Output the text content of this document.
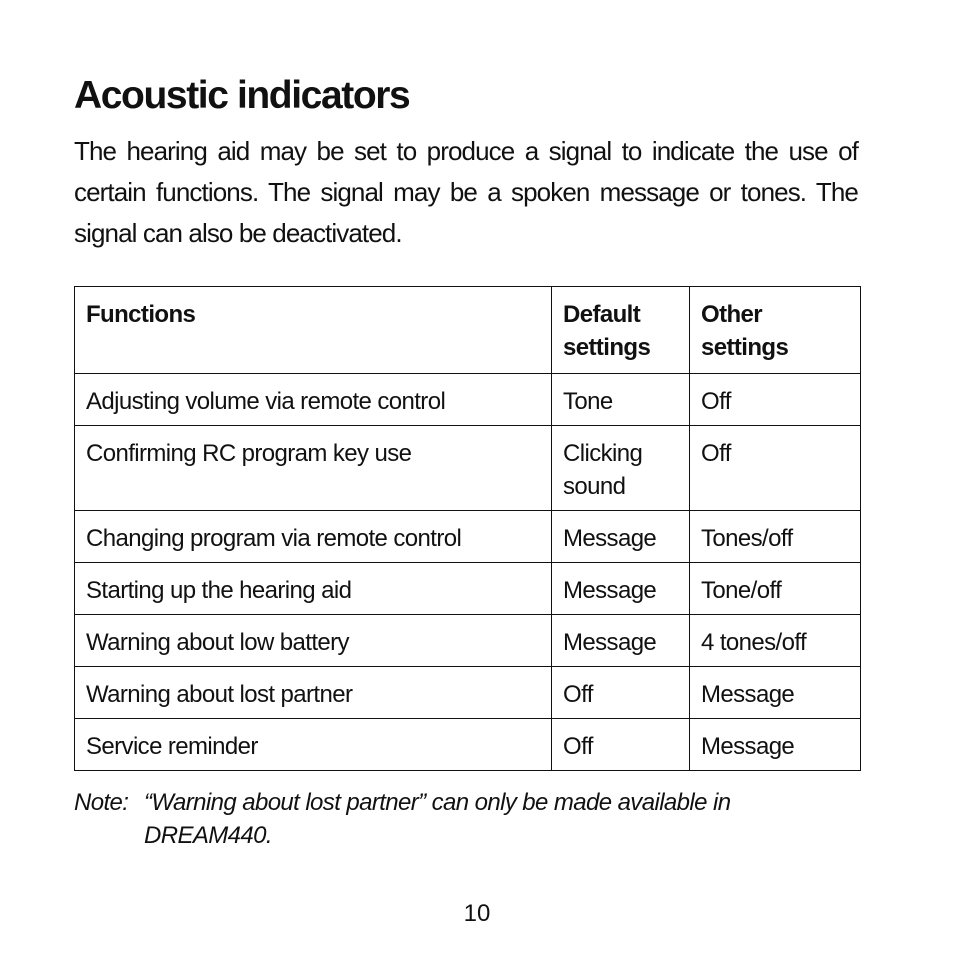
Acoustic indicators

The hearing aid may be set to produce a signal to indicate the use of certain functions. The signal may be a spoken message or tones. The signal can also be deactivated.

Functions	Default settings	Other settings
Adjusting volume via remote control	Tone	Off
Confirming RC program key use	Clicking sound	Off
Changing program via remote control	Message	Tones/off
Starting up the hearing aid	Message	Tone/off
Warning about low battery	Message	4 tones/off
Warning about lost partner	Off	Message
Service reminder	Off	Message
Note: “Warning about lost partner” can only be made available in DREAM440.
10
